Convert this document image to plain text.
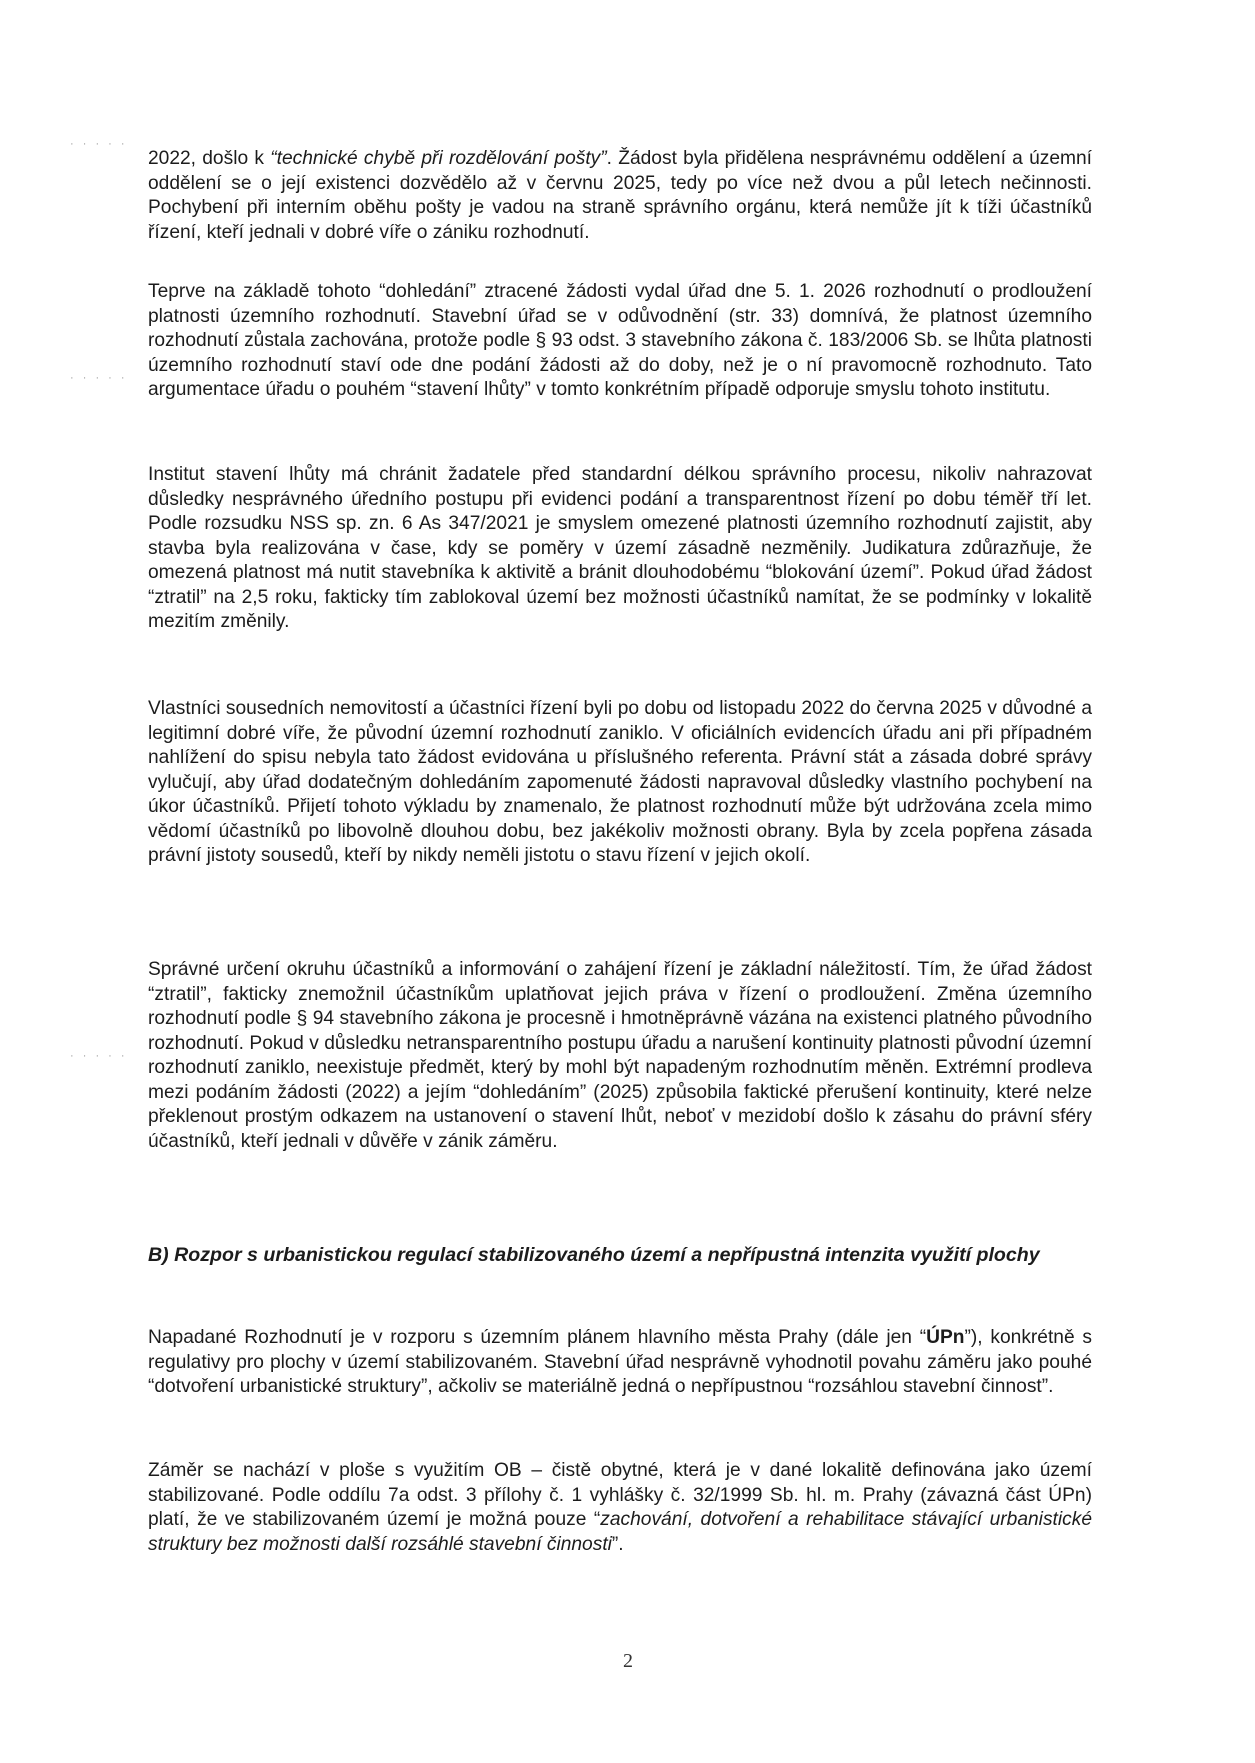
· · · · ·
· · · · ·
· · · · ·

2022, došlo k “technické chybě při rozdělování pošty”. Žádost byla přidělena nesprávnému oddělení a územní oddělení se o její existenci dozvědělo až v červnu 2025, tedy po více než dvou a půl letech nečinnosti. Pochybení při interním oběhu pošty je vadou na straně správního orgánu, která nemůže jít k tíži účastníků řízení, kteří jednali v dobré víře o zániku rozhodnutí.

Teprve na základě tohoto “dohledání” ztracené žádosti vydal úřad dne 5. 1. 2026 rozhodnutí o prodloužení platnosti územního rozhodnutí. Stavební úřad se v odůvodnění (str. 33) domnívá, že platnost územního rozhodnutí zůstala zachována, protože podle § 93 odst. 3 stavebního zákona č. 183/2006 Sb. se lhůta platnosti územního rozhodnutí staví ode dne podání žádosti až do doby, než je o ní pravomocně rozhodnuto. Tato argumentace úřadu o pouhém “stavení lhůty” v tomto konkrétním případě odporuje smyslu tohoto institutu.

Institut stavení lhůty má chránit žadatele před standardní délkou správního procesu, nikoliv nahrazovat důsledky nesprávného úředního postupu při evidenci podání a transparentnost řízení po dobu téměř tří let. Podle rozsudku NSS sp. zn. 6 As 347/2021 je smyslem omezené platnosti územního rozhodnutí zajistit, aby stavba byla realizována v čase, kdy se poměry v území zásadně nezměnily. Judikatura zdůrazňuje, že omezená platnost má nutit stavebníka k aktivitě a bránit dlouhodobému “blokování území”. Pokud úřad žádost “ztratil” na 2,5 roku, fakticky tím zablokoval území bez možnosti účastníků namítat, že se podmínky v lokalitě mezitím změnily.

Vlastníci sousedních nemovitostí a účastníci řízení byli po dobu od listopadu 2022 do června 2025 v důvodné a legitimní dobré víře, že původní územní rozhodnutí zaniklo. V oficiálních evidencích úřadu ani při případném nahlížení do spisu nebyla tato žádost evidována u příslušného referenta. Právní stát a zásada dobré správy vylučují, aby úřad dodatečným dohledáním zapomenuté žádosti napravoval důsledky vlastního pochybení na úkor účastníků. Přijetí tohoto výkladu by znamenalo, že platnost rozhodnutí může být udržována zcela mimo vědomí účastníků po libovolně dlouhou dobu, bez jakékoliv možnosti obrany. Byla by zcela popřena zásada právní jistoty sousedů, kteří by nikdy neměli jistotu o stavu řízení v jejich okolí.

Správné určení okruhu účastníků a informování o zahájení řízení je základní náležitostí. Tím, že úřad žádost “ztratil”, fakticky znemožnil účastníkům uplatňovat jejich práva v řízení o prodloužení. Změna územního rozhodnutí podle § 94 stavebního zákona je procesně i hmotněprávně vázána na existenci platného původního rozhodnutí. Pokud v důsledku netransparentního postupu úřadu a narušení kontinuity platnosti původní územní rozhodnutí zaniklo, neexistuje předmět, který by mohl být napadeným rozhodnutím měněn. Extrémní prodleva mezi podáním žádosti (2022) a jejím “dohledáním” (2025) způsobila faktické přerušení kontinuity, které nelze překlenout prostým odkazem na ustanovení o stavení lhůt, neboť v mezidobí došlo k zásahu do právní sféry účastníků, kteří jednali v důvěře v zánik záměru.

B) Rozpor s urbanistickou regulací stabilizovaného území a nepřípustná intenzita využití plochy

Napadané Rozhodnutí je v rozporu s územním plánem hlavního města Prahy (dále jen “ÚPn”), konkrétně s regulativy pro plochy v území stabilizovaném. Stavební úřad nesprávně vyhodnotil povahu záměru jako pouhé “dotvoření urbanistické struktury”, ačkoliv se materiálně jedná o nepřípustnou “rozsáhlou stavební činnost”.

Záměr se nachází v ploše s využitím OB – čistě obytné, která je v dané lokalitě definována jako území stabilizované. Podle oddílu 7a odst. 3 přílohy č. 1 vyhlášky č. 32/1999 Sb. hl. m. Prahy (závazná část ÚPn) platí, že ve stabilizovaném území je možná pouze “zachování, dotvoření a rehabilitace stávající urbanistické struktury bez možnosti další rozsáhlé stavební činnosti”.

2
